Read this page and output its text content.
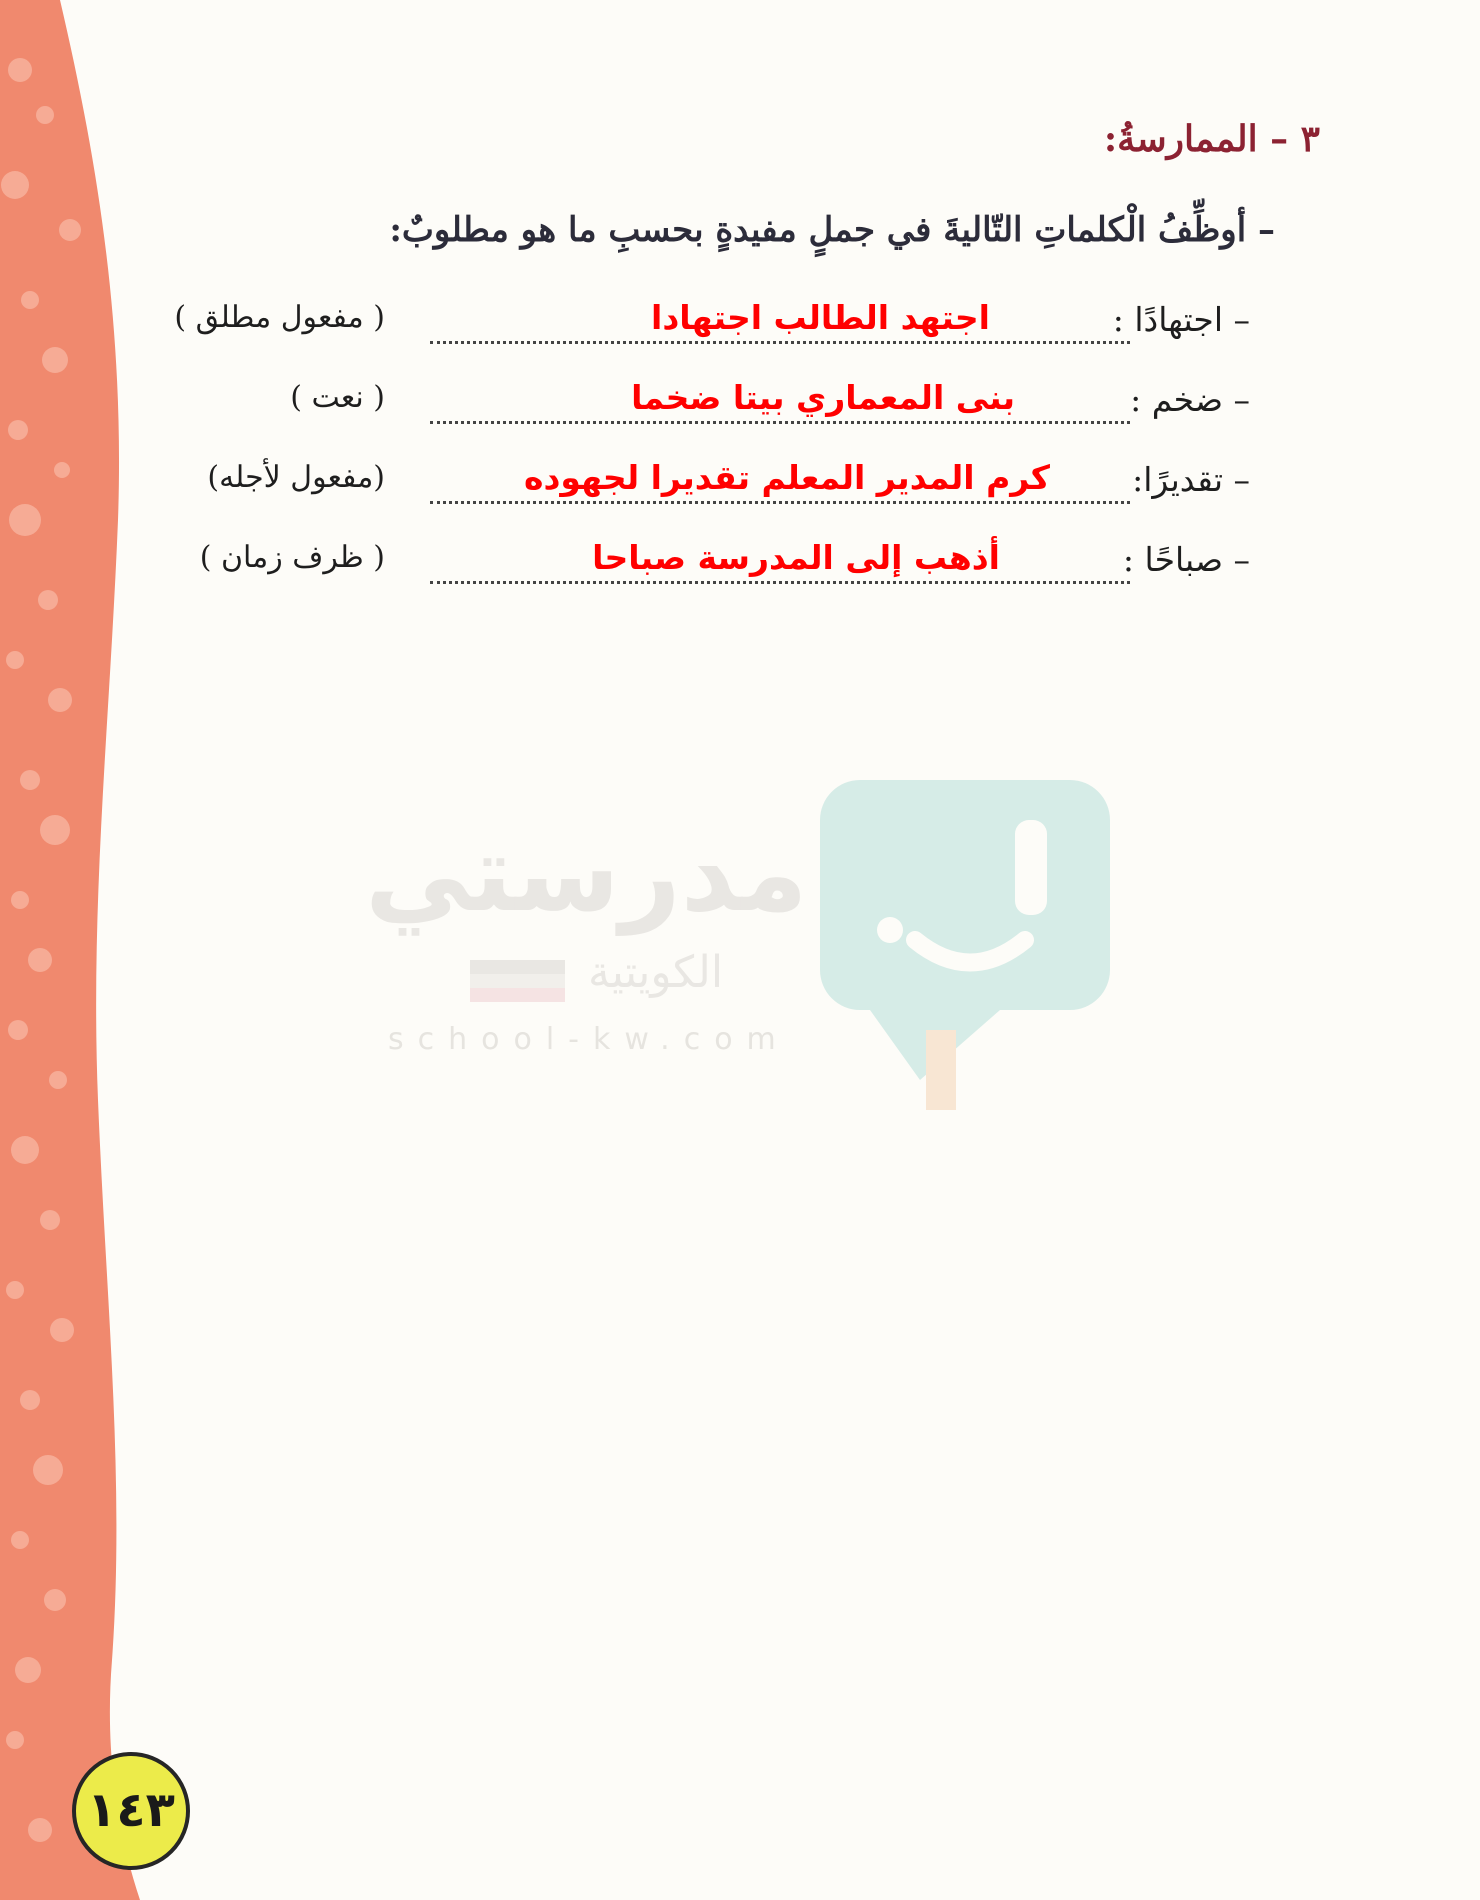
٣ – الممارسةُ:
– أوظِّفُ الْكلماتِ التّاليةَ في جملٍ مفيدةٍ بحسبِ ما هو مطلوبٌ:
– اجتهادًا :
اجتهد الطالب اجتهادا
( مفعول مطلق )
– ضخم :
بنى المعماري بيتا ضخما
( نعت )
– تقديرًا:
كرم المدير المعلم تقديرا لجهوده
(مفعول لأجله)
– صباحًا :
أذهب إلى المدرسة صباحا
( ظرف زمان )
مدرستي
الكويتية
school-kw.com
١٤٣
